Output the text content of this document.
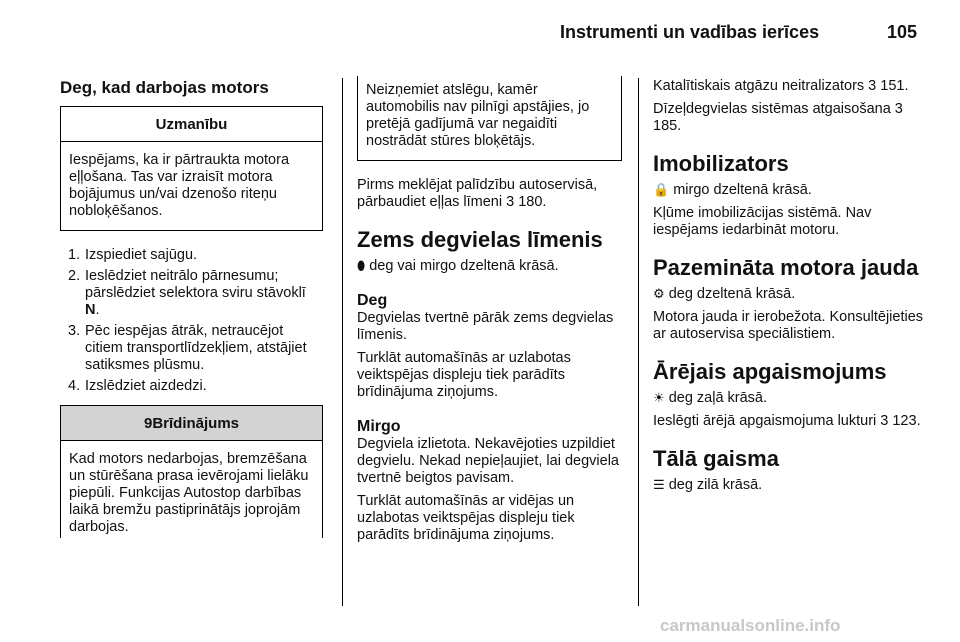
Instrumenti un vadības ierīces	105
Deg, kad darbojas motors
Uzmanību
Iespējams, ka ir pārtraukta motora eļļošana. Tas var izraisīt motora bojājumus un/vai dzenošo riteņu nobloķēšanos.
1. Izspiediet sajūgu.
2. Ieslēdziet neitrālo pārnesumu; pārslēdziet selektora sviru stāvoklī N.
3. Pēc iespējas ātrāk, netraucējot citiem transportlīdzekļiem, atstājiet satiksmes plūsmu.
4. Izslēdziet aizdedzi.
9Brīdinājums
Kad motors nedarbojas, bremzēšana un stūrēšana prasa ievērojami lielāku piepūli. Funkcijas Autostop darbības laikā bremžu pastiprinātājs joprojām darbojas.
Neizņemiet atslēgu, kamēr automobilis nav pilnīgi apstājies, jo pretējā gadījumā var negaidīti nostrādāt stūres bloķētājs.

Pirms meklējat palīdzību autoservisā, pārbaudiet eļļas līmeni 3 180.

Zems degvielas līmenis

⬮ deg vai mirgo dzeltenā krāsā.

Deg

Degvielas tvertnē pārāk zems degvielas līmenis.

Turklāt automašīnās ar uzlabotas veiktspējas displeju tiek parādīts brīdinājuma ziņojums.

Mirgo

Degviela izlietota. Nekavējoties uzpildiet degvielu. Nekad nepieļaujiet, lai degviela tvertnē beigtos pavisam.

Turklāt automašīnās ar vidējas un uzlabotas veiktspējas displeju tiek parādīts brīdinājuma ziņojums.

Katalītiskais atgāzu neitralizators 3 151.

Dīzeļdegvielas sistēmas atgaisošana 3 185.

Imobilizators

🔒 mirgo dzeltenā krāsā.

Kļūme imobilizācijas sistēmā. Nav iespējams iedarbināt motoru.

Pazemināta motora jauda

⚙ deg dzeltenā krāsā.

Motora jauda ir ierobežota. Konsultējieties ar autoservisa speciālistiem.

Ārējais apgaismojums

☀ deg zaļā krāsā.

Ieslēgti ārējā apgaismojuma lukturi 3 123.

Tālā gaisma

☰ deg zilā krāsā.

carmanualsonline.info
